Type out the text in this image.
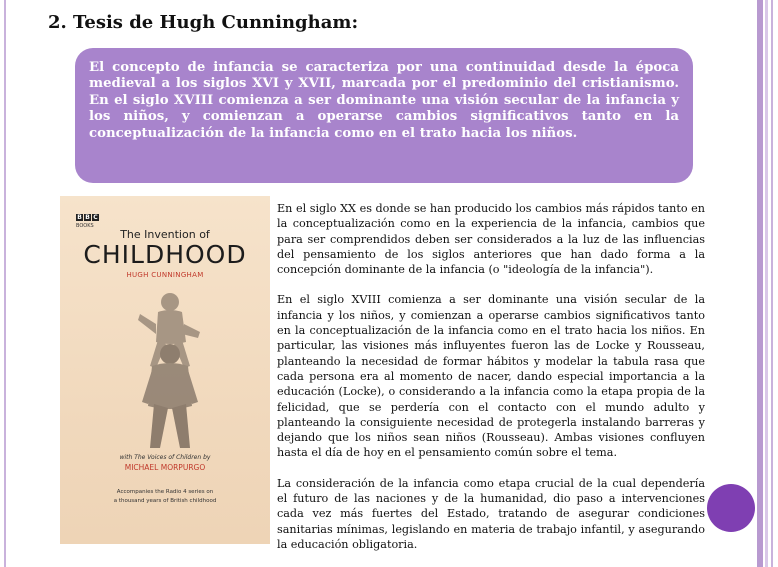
2. Tesis de Hugh Cunningham:
El concepto de infancia se caracteriza por una continuidad desde la época medieval a los siglos XVI y XVII, marcada por el predominio del cristianismo. En el siglo XVIII comienza a ser dominante una visión secular de la infancia y los niños, y comienzan a operarse cambios significativos tanto en la conceptualización de la infancia como en el trato hacia los niños.
B B C
BOOKS
The Invention of
CHILDHOOD
HUGH CUNNINGHAM
with The Voices of Children by
MICHAEL MORPURGO
Accompanies the Radio 4 series on
a thousand years of British childhood

En el siglo XX es donde se han producido los cambios más rápidos tanto en la conceptualización como en la experiencia de la infancia, cambios que para ser comprendidos deben ser considerados a la luz de las influencias del pensamiento de los siglos anteriores que han dado forma a la concepción dominante de la infancia (o "ideología de la infancia").

En el siglo XVIII comienza a ser dominante una visión secular de la infancia y los niños, y comienzan a operarse cambios significativos tanto en la conceptualización de la infancia como en el trato hacia los niños. En particular, las visiones más influyentes fueron las de Locke y Rousseau, planteando la necesidad de formar hábitos y modelar la tabula rasa que cada persona era al momento de nacer, dando especial importancia a la educación (Locke), o considerando a la infancia como la etapa propia de la felicidad, que se perdería con el contacto con el mundo adulto y planteando la consiguiente necesidad de protegerla instalando barreras y dejando que los niños sean niños (Rousseau). Ambas visiones confluyen hasta el día de hoy en el pensamiento común sobre el tema.

La consideración de la infancia como etapa crucial de la cual dependería el futuro de las naciones y de la humanidad, dio paso a intervenciones cada vez más fuertes del Estado, tratando de asegurar condiciones sanitarias mínimas, legislando en materia de trabajo infantil, y asegurando la educación obligatoria.
